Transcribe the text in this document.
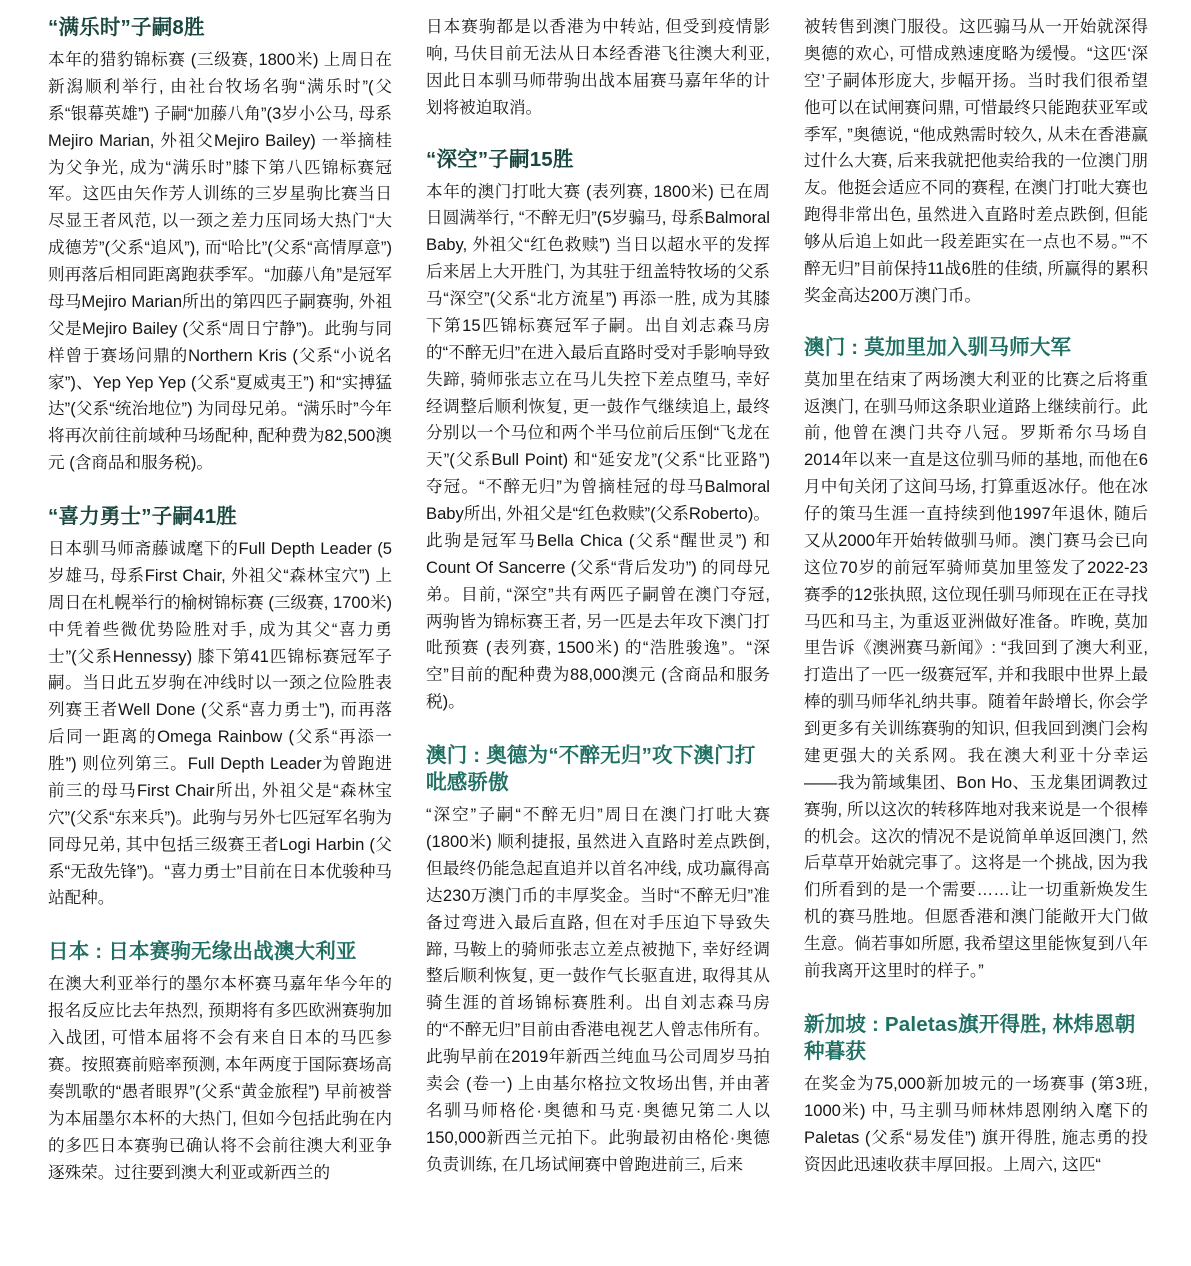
“满乐时”子嗣8胜

本年的猎豹锦标赛 (三级赛, 1800米) 上周日在新潟顺利举行, 由社台牧场名驹“满乐时”(父系“银幕英雄”) 子嗣“加藤八角”(3岁小公马, 母系Mejiro Marian, 外祖父Mejiro Bailey) 一举摘桂为父争光, 成为“满乐时”膝下第八匹锦标赛冠军。这匹由矢作芳人训练的三岁星驹比赛当日尽显王者风范, 以一颈之差力压同场大热门“大成德芳”(父系“追风”), 而“哈比”(父系“高情厚意”) 则再落后相同距离跑获季军。“加藤八角”是冠军母马Mejiro Marian所出的第四匹子嗣赛驹, 外祖父是Mejiro Bailey (父系“周日宁静”)。此驹与同样曾于赛场问鼎的Northern Kris (父系“小说名家”)、Yep Yep Yep (父系“夏威夷王”) 和“实搏猛达”(父系“统治地位”) 为同母兄弟。“满乐时”今年将再次前往前域种马场配种, 配种费为82,500澳元 (含商品和服务税)。

“喜力勇士”子嗣41胜

日本驯马师斋藤诚麾下的Full Depth Leader (5岁雄马, 母系First Chair, 外祖父“森林宝穴”) 上周日在札幌举行的榆树锦标赛 (三级赛, 1700米) 中凭着些微优势险胜对手, 成为其父“喜力勇士”(父系Hennessy) 膝下第41匹锦标赛冠军子嗣。当日此五岁驹在冲线时以一颈之位险胜表列赛王者Well Done (父系“喜力勇士”), 而再落后同一距离的Omega Rainbow (父系“再添一胜”) 则位列第三。Full Depth Leader为曾跑进前三的母马First Chair所出, 外祖父是“森林宝穴”(父系“东来兵”)。此驹与另外七匹冠军名驹为同母兄弟, 其中包括三级赛王者Logi Harbin (父系“无敌先锋”)。“喜力勇士”目前在日本优骏种马站配种。

日本 : 日本赛驹无缘出战澳大利亚

在澳大利亚举行的墨尔本杯赛马嘉年华今年的报名反应比去年热烈, 预期将有多匹欧洲赛驹加入战团, 可惜本届将不会有来自日本的马匹参赛。按照赛前赔率预测, 本年两度于国际赛场高奏凯歌的“愚者眼界”(父系“黄金旅程”) 早前被誉为本届墨尔本杯的大热门, 但如今包括此驹在内的多匹日本赛驹已确认将不会前往澳大利亚争逐殊荣。过往要到澳大利亚或新西兰的

日本赛驹都是以香港为中转站, 但受到疫情影响, 马伕目前无法从日本经香港飞往澳大利亚, 因此日本驯马师带驹出战本届赛马嘉年华的计划将被迫取消。

“深空”子嗣15胜

本年的澳门打吡大赛 (表列赛, 1800米) 已在周日圆满举行, “不醉无归”(5岁骟马, 母系Balmoral Baby, 外祖父“红色救赎”) 当日以超水平的发挥后来居上大开胜门, 为其驻于纽盖特牧场的父系马“深空”(父系“北方流星”) 再添一胜, 成为其膝下第15匹锦标赛冠军子嗣。出自刘志森马房的“不醉无归”在进入最后直路时受对手影响导致失蹄, 骑师张志立在马儿失控下差点堕马, 幸好经调整后顺利恢复, 更一鼓作气继续追上, 最终分别以一个马位和两个半马位前后压倒“飞龙在天”(父系Bull Point) 和“延安龙”(父系“比亚路”) 夺冠。“不醉无归”为曾摘桂冠的母马Balmoral Baby所出, 外祖父是“红色救赎”(父系Roberto)。此驹是冠军马Bella Chica (父系“醒世灵”) 和Count Of Sancerre (父系“背后发功”) 的同母兄弟。目前, “深空”共有两匹子嗣曾在澳门夺冠, 两驹皆为锦标赛王者, 另一匹是去年攻下澳门打吡预赛 (表列赛, 1500米) 的“浩胜骏逸”。“深空”目前的配种费为88,000澳元 (含商品和服务税)。

澳门 : 奥德为“不醉无归”攻下澳门打吡感骄傲

“深空”子嗣“不醉无归”周日在澳门打吡大赛 (1800米) 顺利捷报, 虽然进入直路时差点跌倒, 但最终仍能急起直追并以首名冲线, 成功赢得高达230万澳门币的丰厚奖金。当时“不醉无归”准备过弯进入最后直路, 但在对手压迫下导致失蹄, 马鞍上的骑师张志立差点被抛下, 幸好经调整后顺利恢复, 更一鼓作气长驱直进, 取得其从骑生涯的首场锦标赛胜利。出自刘志森马房的“不醉无归”目前由香港电视艺人曾志伟所有。此驹早前在2019年新西兰纯血马公司周岁马拍卖会 (卷一) 上由基尔格拉文牧场出售, 并由著名驯马师格伦·奥德和马克·奥德兄第二人以150,000新西兰元拍下。此驹最初由格伦·奥德负责训练, 在几场试闸赛中曾跑进前三, 后来

被转售到澳门服役。这匹骟马从一开始就深得奥德的欢心, 可惜成熟速度略为缓慢。“这匹‘深空’子嗣体形庞大, 步幅开扬。当时我们很希望他可以在试闸赛问鼎, 可惜最终只能跑获亚军或季军, ”奥德说, “他成熟需时较久, 从未在香港赢过什么大赛, 后来我就把他卖给我的一位澳门朋友。他挺会适应不同的赛程, 在澳门打吡大赛也跑得非常出色, 虽然进入直路时差点跌倒, 但能够从后追上如此一段差距实在一点也不易。”“不醉无归”目前保持11战6胜的佳绩, 所赢得的累积奖金高达200万澳门币。

澳门 : 莫加里加入驯马师大军

莫加里在结束了两场澳大利亚的比赛之后将重返澳门, 在驯马师这条职业道路上继续前行。此前, 他曾在澳门共夺八冠。罗斯希尔马场自2014年以来一直是这位驯马师的基地, 而他在6月中旬关闭了这间马场, 打算重返冰仔。他在冰仔的策马生涯一直持续到他1997年退休, 随后又从2000年开始转做驯马师。澳门赛马会已向这位70岁的前冠军骑师莫加里签发了2022-23赛季的12张执照, 这位现任驯马师现在正在寻找马匹和马主, 为重返亚洲做好准备。昨晚, 莫加里告诉《澳洲赛马新闻》: “我回到了澳大利亚, 打造出了一匹一级赛冠军, 并和我眼中世界上最棒的驯马师华礼纳共事。随着年龄增长, 你会学到更多有关训练赛驹的知识, 但我回到澳门会构建更强大的关系网。我在澳大利亚十分幸运——我为箭域集团、Bon Ho、玉龙集团调教过赛驹, 所以这次的转移阵地对我来说是一个很棒的机会。这次的情况不是说简单单返回澳门, 然后草草开始就完事了。这将是一个挑战, 因为我们所看到的是一个需要……让一切重新焕发生机的赛马胜地。但愿香港和澳门能敞开大门做生意。倘若事如所愿, 我希望这里能恢复到八年前我离开这里时的样子。”

新加坡 : Paletas旗开得胜, 林炜恩朝种暮获

在奖金为75,000新加坡元的一场赛事 (第3班, 1000米) 中, 马主驯马师林炜恩刚纳入麾下的Paletas (父系“易发佳”) 旗开得胜, 施志勇的投资因此迅速收获丰厚回报。上周六, 这匹“
